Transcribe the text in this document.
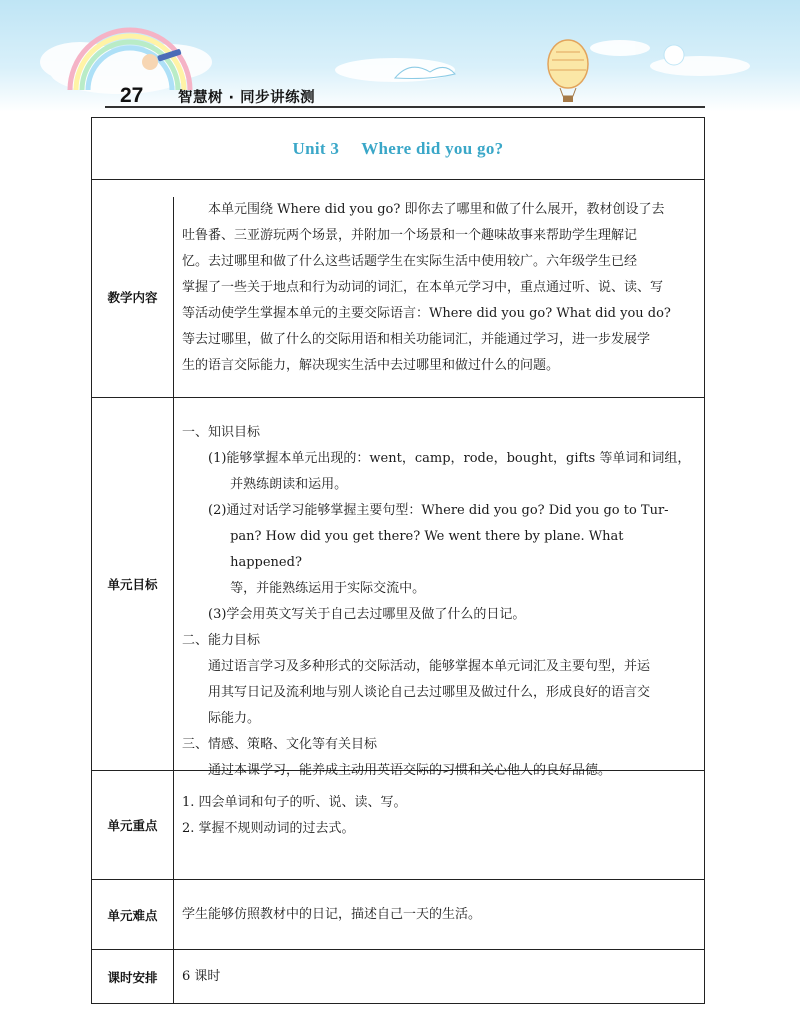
27 智慧树 · 同步讲练测
Unit 3 Where did you go?
教学内容

本单元围绕 Where did you go? 即你去了哪里和做了什么展开，教材创设了去

吐鲁番、三亚游玩两个场景，并附加一个场景和一个趣味故事来帮助学生理解记

忆。去过哪里和做了什么这些话题学生在实际生活中使用较广。六年级学生已经

掌握了一些关于地点和行为动词的词汇，在本单元学习中，重点通过听、说、读、写

等活动使学生掌握本单元的主要交际语言：Where did you go? What did you do?

等去过哪里，做了什么的交际用语和相关功能词汇，并能通过学习，进一步发展学

生的语言交际能力，解决现实生活中去过哪里和做过什么的问题。

单元目标

一、知识目标

(1)能够掌握本单元出现的：went，camp，rode，bought，gifts 等单词和词组，

并熟练朗读和运用。

(2)通过对话学习能够掌握主要句型：Where did you go? Did you go to Tur-

pan? How did you get there? We went there by plane. What happened?

等，并能熟练运用于实际交流中。

(3)学会用英文写关于自己去过哪里及做了什么的日记。

二、能力目标

通过语言学习及多种形式的交际活动，能够掌握本单元词汇及主要句型，并运

用其写日记及流利地与别人谈论自己去过哪里及做过什么，形成良好的语言交

际能力。

三、情感、策略、文化等有关目标

通过本课学习，能养成主动用英语交际的习惯和关心他人的良好品德。

单元重点

1. 四会单词和句子的听、说、读、写。

2. 掌握不规则动词的过去式。

单元难点	学生能够仿照教材中的日记，描述自己一天的生活。

课时安排	6 课时
